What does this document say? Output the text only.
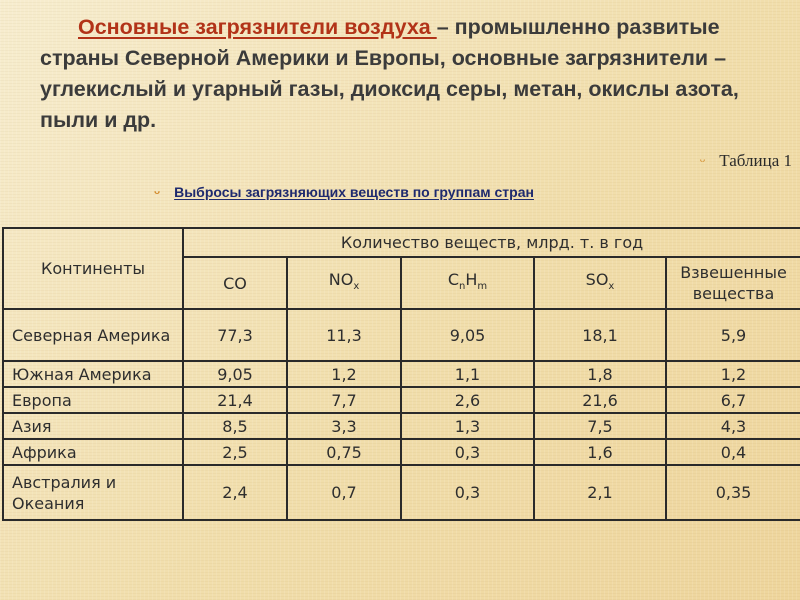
Основные загрязнители воздуха – промышленно развитые страны Северной Америки и Европы, основные загрязнители – углекислый и угарный газы, диоксид серы, метан, окислы азота, пыли и др.

$^ᴗ$ Таблица 1
$^ᴗ$ Выбросы загрязняющих веществ по группам стран
Континенты	Количество веществ, млрд. т. в год				
	CO	$NO_x$	$C_nH_m$	$SO_x$	Взвешенные вещества
Северная Америка	77,3	11,3	9,05	18,1	5,9
Южная Америка	9,05	1,2	1,1	1,8	1,2
Европа	21,4	7,7	2,6	21,6	6,7
Азия	8,5	3,3	1,3	7,5	4,3
Африка	2,5	0,75	0,3	1,6	0,4
Австралия и Океания	2,4	0,7	0,3	2,1	0,35
